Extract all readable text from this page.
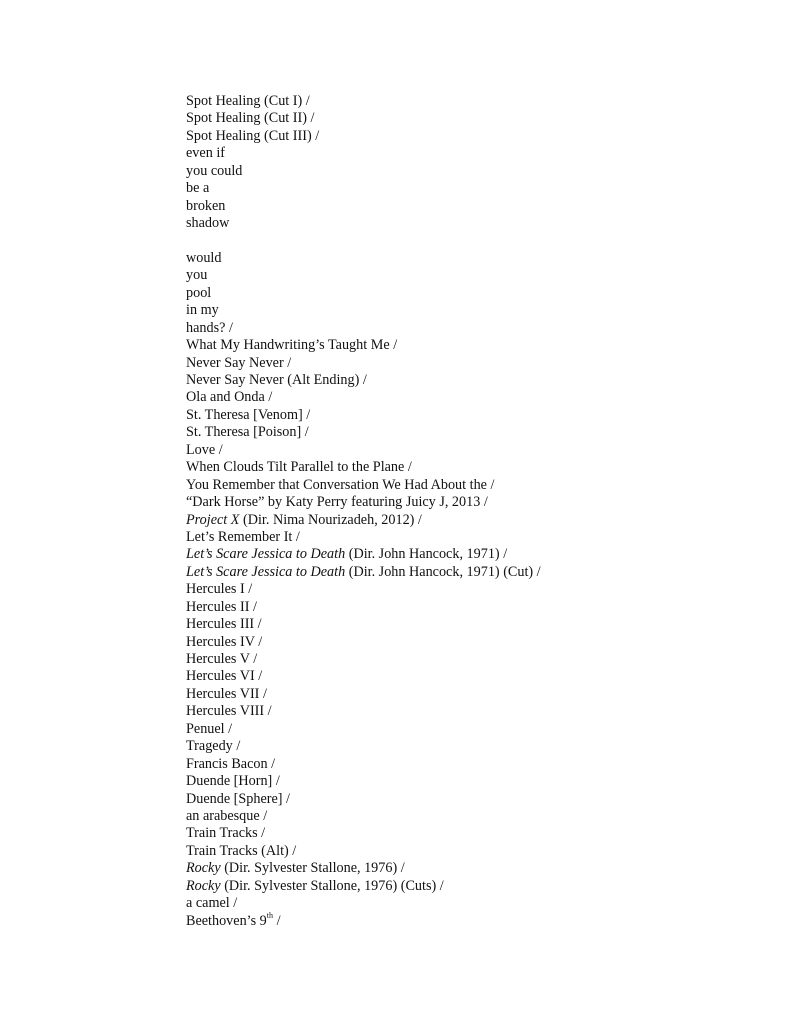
Spot Healing (Cut I) /
Spot Healing (Cut II) /
Spot Healing (Cut III) /
even if
you could
be a
broken
shadow
would
you
pool
in my
hands? /
What My Handwriting’s Taught Me /
Never Say Never /
Never Say Never (Alt Ending) /
Ola and Onda /
St. Theresa [Venom] /
St. Theresa [Poison] /
Love /
When Clouds Tilt Parallel to the Plane /
You Remember that Conversation We Had About the /
“Dark Horse” by Katy Perry featuring Juicy J, 2013 /
Project X (Dir. Nima Nourizadeh, 2012) /
Let’s Remember It /
Let’s Scare Jessica to Death (Dir. John Hancock, 1971) /
Let’s Scare Jessica to Death (Dir. John Hancock, 1971) (Cut) /
Hercules I /
Hercules II /
Hercules III /
Hercules IV /
Hercules V /
Hercules VI /
Hercules VII /
Hercules VIII /
Penuel /
Tragedy /
Francis Bacon /
Duende [Horn] /
Duende [Sphere] /
an arabesque /
Train Tracks /
Train Tracks (Alt) /
Rocky (Dir. Sylvester Stallone, 1976) /
Rocky (Dir. Sylvester Stallone, 1976) (Cuts) /
a camel /
Beethoven’s 9th /
